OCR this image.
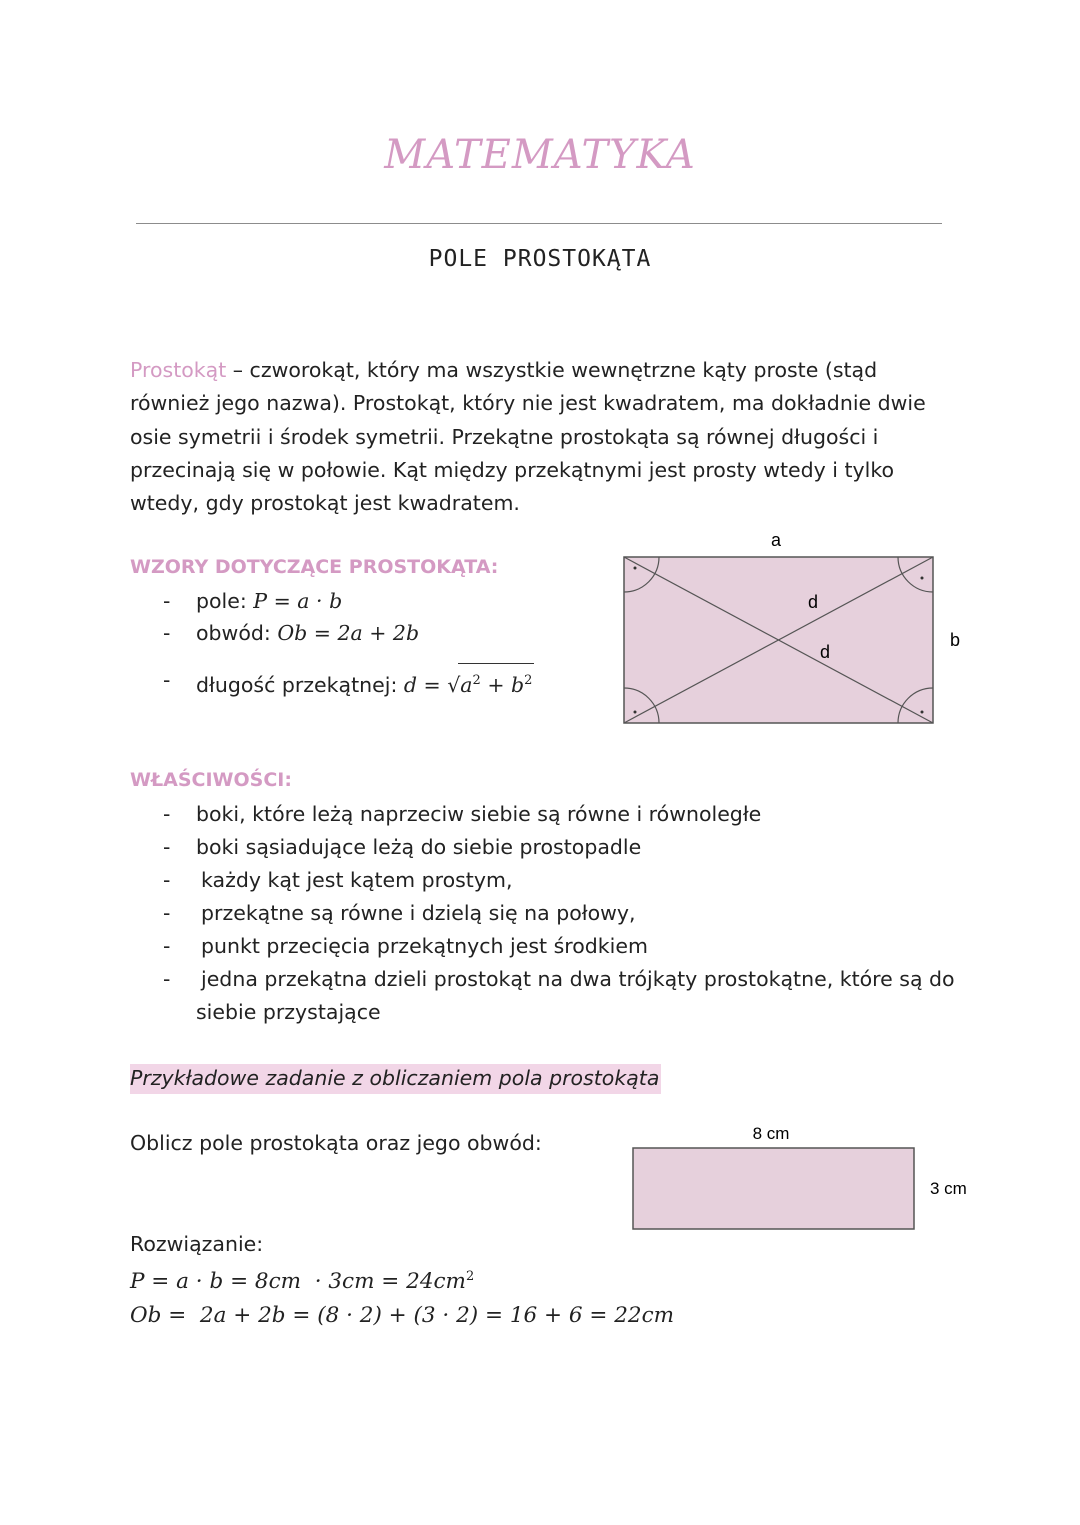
MATEMATYKA
POLE PROSTOKĄTA
Prostokąt – czworokąt, który ma wszystkie wewnętrzne kąty proste (stąd również jego nazwa). Prostokąt, który nie jest kwadratem, ma dokładnie dwie osie symetrii i środek symetrii. Przekątne prostokąta są równej długości i przecinają się w połowie. Kąt między przekątnymi jest prosty wtedy i tylko wtedy, gdy prostokąt jest kwadratem.
WZORY DOTYCZĄCE PROSTOKĄTA:
- pole: P = a · b
- obwód: Ob = 2a + 2b
- długość przekątnej: $d = √a^2 + b^2$
a
b
d
d
WŁAŚCIWOŚCI:
- boki, które leżą naprzeciw siebie są równe i równoległe
- boki sąsiadujące leżą do siebie prostopadle
- każdy kąt jest kątem prostym,
- przekątne są równe i dzielą się na połowy,
- punkt przecięcia przekątnych jest środkiem
- jedna przekątna dzieli prostokąt na dwa trójkąty prostokątne, które są do siebie przystające
Przykładowe zadanie z obliczaniem pola prostokąta
Oblicz pole prostokąta oraz jego obwód:	8 cm
3 cm
Rozwiązanie:
$P = a \cdot b = 8cm \cdot 3cm = 24cm^2$
Ob =  2a + 2b = (8 · 2) + (3 · 2) = 16 + 6 = 22cm
